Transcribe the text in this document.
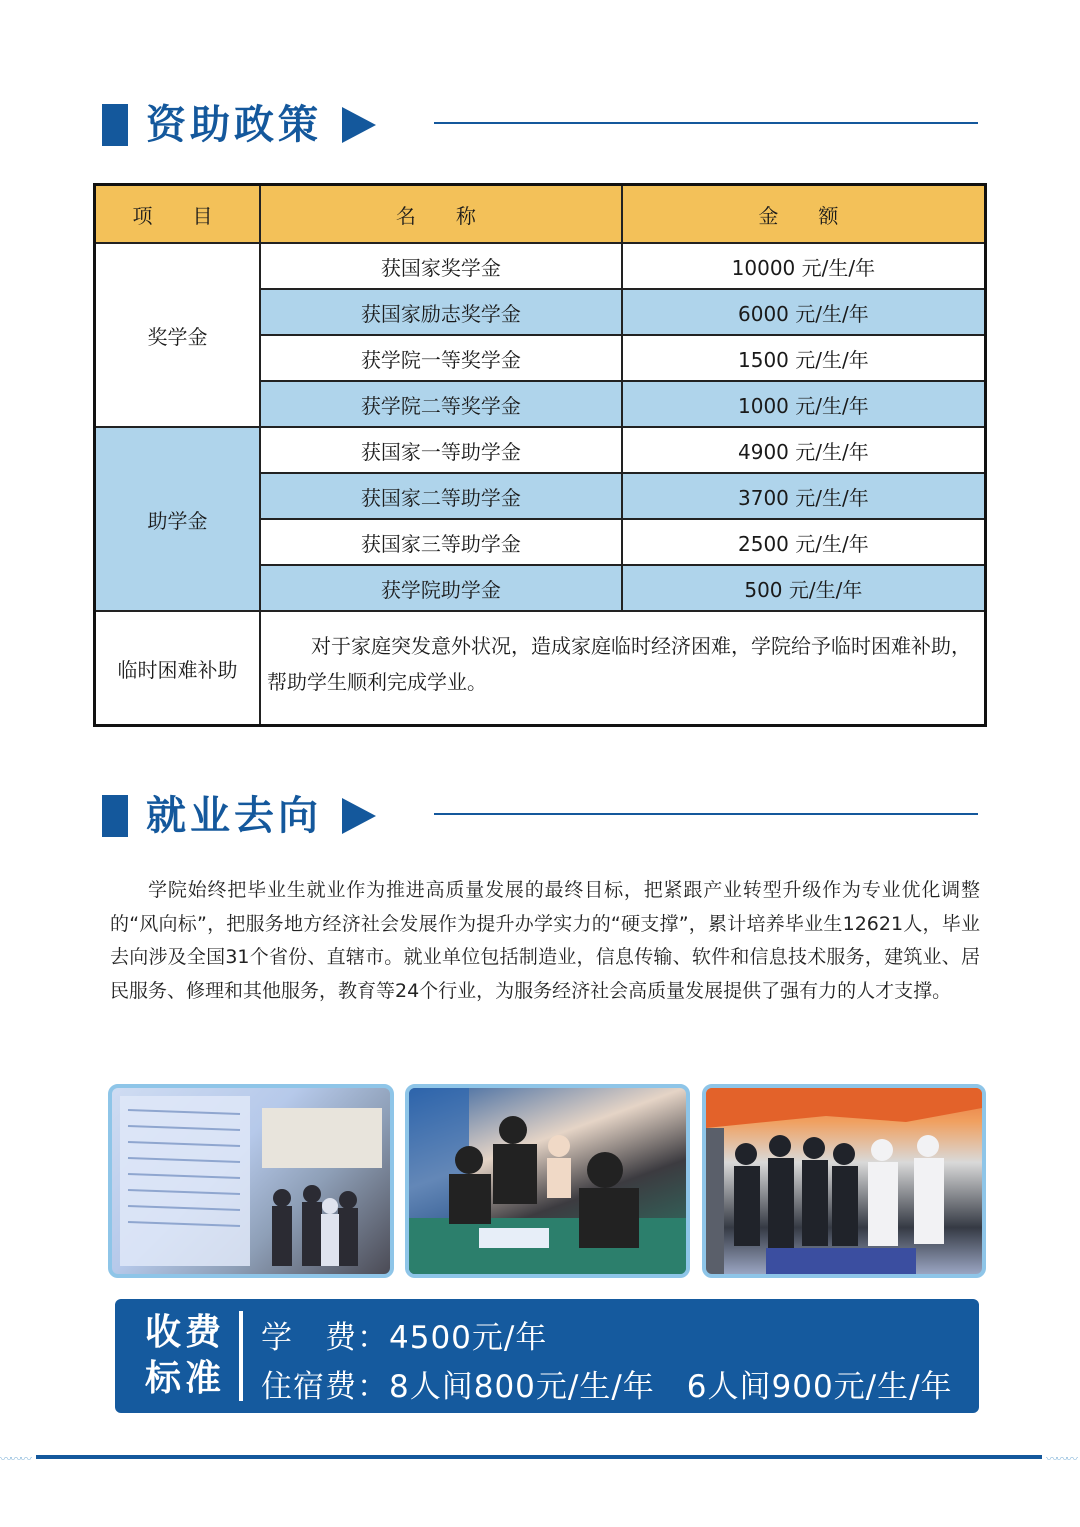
资助政策
项　目	名　称	金　额
奖学金	获国家奖学金	10000 元/生/年
	获国家励志奖学金	6000 元/生/年
	获学院一等奖学金	1500 元/生/年
	获学院二等奖学金	1000 元/生/年
助学金	获国家一等助学金	4900 元/生/年
	获国家二等助学金	3700 元/生/年
	获国家三等助学金	2500 元/生/年
	获学院助学金	500 元/生/年
临时困难补助	对于家庭突发意外状况，造成家庭临时经济困难，学院给予临时困难补助，帮助学生顺利完成学业。	
就业去向
学院始终把毕业生就业作为推进高质量发展的最终目标，把紧跟产业转型升级作为专业优化调整的“风向标”，把服务地方经济社会发展作为提升办学实力的“硬支撑”，累计培养毕业生12621人，毕业去向涉及全国31个省份、直辖市。就业单位包括制造业，信息传输、软件和信息技术服务，建筑业、居民服务、修理和其他服务，教育等24个行业，为服务经济社会高质量发展提供了强有力的人才支撑。
收费
标准
学　费：4500元/年
住宿费：8人间800元/生/年　6人间900元/生/年
〰〰〰	〰〰〰
